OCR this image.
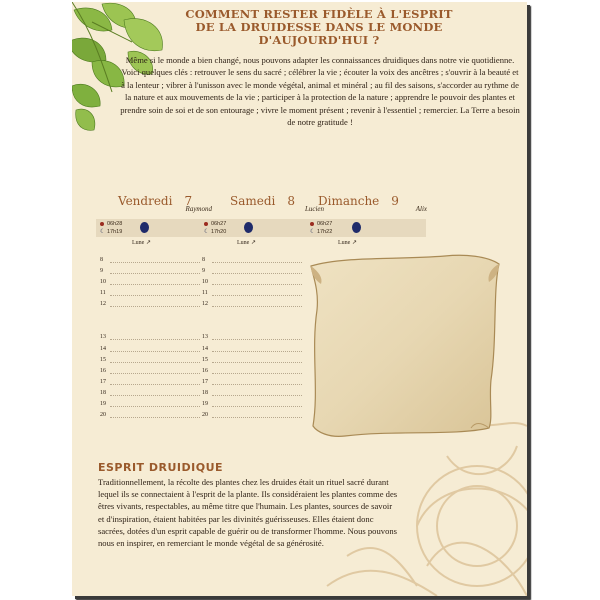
COMMENT RESTER FIDÈLE À L'ESPRIT DE LA DRUIDESSE DANS LE MONDE D'AUJOURD'HUI ?

Même si le monde a bien changé, nous pouvons adapter les connaissances druidiques dans notre vie quotidienne. Voici quelques clés : retrouver le sens du sacré ; célébrer la vie ; écouter la voix des ancêtres ; s'ouvrir à la beauté et à la lenteur ; vibrer à l'unisson avec le monde végétal, animal et minéral ; au fil des saisons, s'accorder au rythme de la nature et aux mouvements de la vie ; participer à la protection de la nature ; apprendre le pouvoir des plantes et prendre soin de soi et de son entourage ; vivre le moment présent ; revenir à l'essentiel ; remercier. La Terre a besoin de notre gratitude !

Vendredi 7
Raymond
Samedi 8
Lucien
Dimanche 9
Alix
06h28
☾ 17h19
06h27
☾ 17h20
06h27
☾ 17h22
Lune ↗	Lune ↗	Lune ↗
8
9
10
11
12
13
14
15
16
17
18
19
20
8
9
10
11
12
13
14
15
16
17
18
19
20
ESPRIT DRUIDIQUE

Traditionnellement, la récolte des plantes chez les druides était un rituel sacré durant lequel ils se connectaient à l'esprit de la plante. Ils considéraient les plantes comme des êtres vivants, respectables, au même titre que l'humain. Les plantes, sources de savoir et d'inspiration, étaient habitées par les divinités guérisseuses. Elles étaient donc sacrées, dotées d'un esprit capable de guérir ou de transformer l'homme. Nous pouvons nous en inspirer, en remerciant le monde végétal de sa générosité.
